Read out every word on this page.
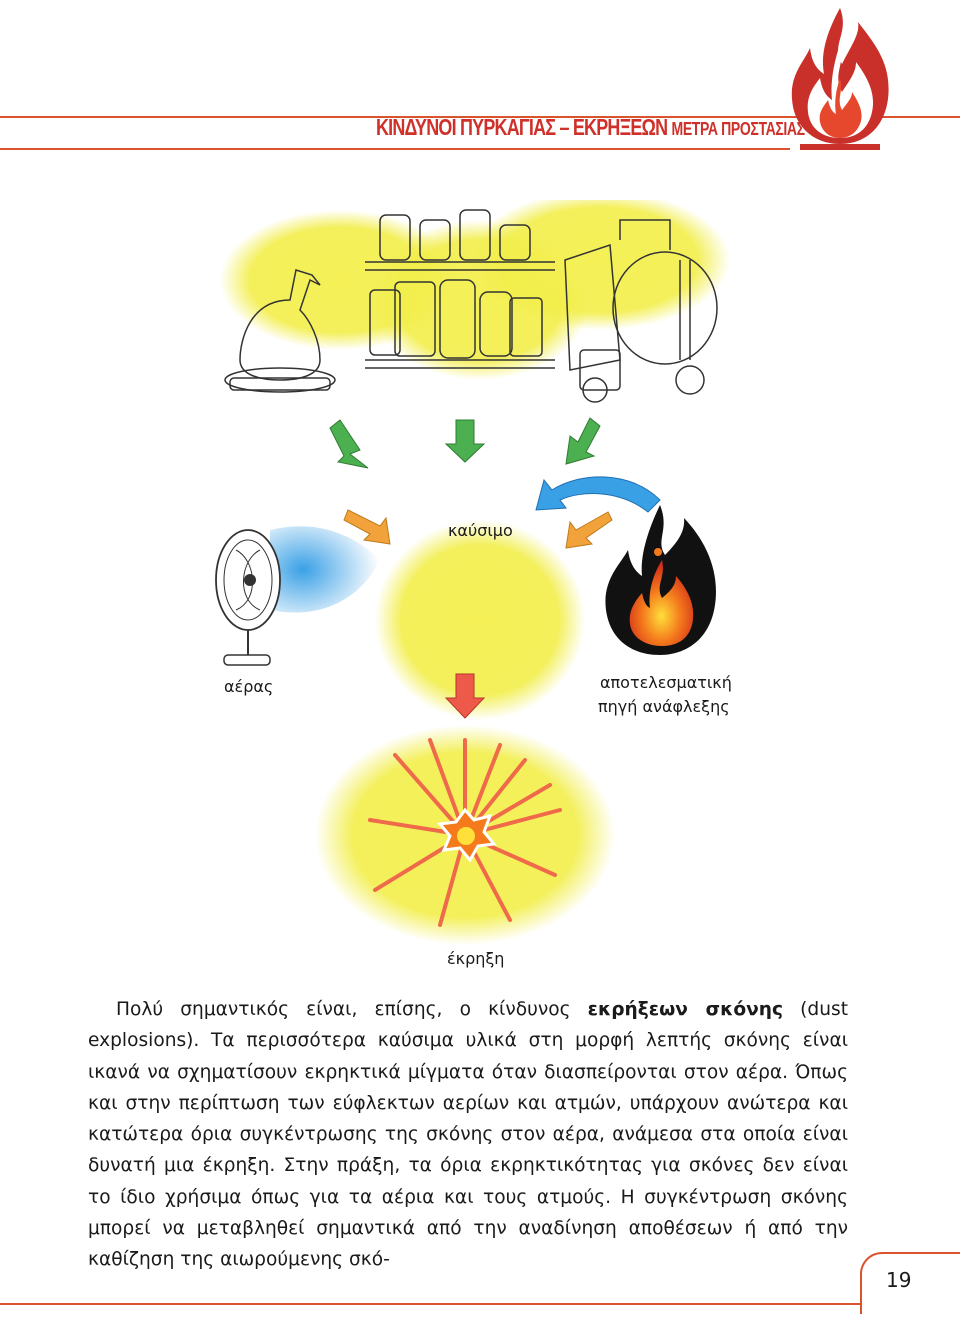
ΚΙΝΔΥΝΟΙ ΠΥΡΚΑΓΙΑΣ – ΕΚΡΗΞΕΩΝ ΜΕΤΡΑ ΠΡΟΣΤΑΣΙΑΣ
καύσιμο
αέρας	αποτελεσματική
πηγή ανάφλεξης
έκρηξη

Πολύ σημαντικός είναι, επίσης, ο κίνδυνος εκρήξεων σκόνης (dust explosions). Τα περισσότερα καύσιμα υλικά στη μορφή λεπτής σκόνης είναι ικανά να σχηματίσουν εκρηκτικά μίγματα όταν διασπείρονται στον αέρα. Όπως και στην περίπτωση των εύφλεκτων αερίων και ατμών, υπάρχουν ανώτερα και κατώτερα όρια συγκέντρωσης της σκόνης στον αέρα, ανάμεσα στα οποία είναι δυνατή μια έκρηξη. Στην πράξη, τα όρια εκρηκτικότητας για σκόνες δεν είναι το ίδιο χρήσιμα όπως για τα αέρια και τους ατμούς. Η συγκέντρωση σκόνης μπορεί να μεταβληθεί σημαντικά από την αναδίνηση αποθέσεων ή από την καθίζηση της αιωρούμενης σκό-

19
